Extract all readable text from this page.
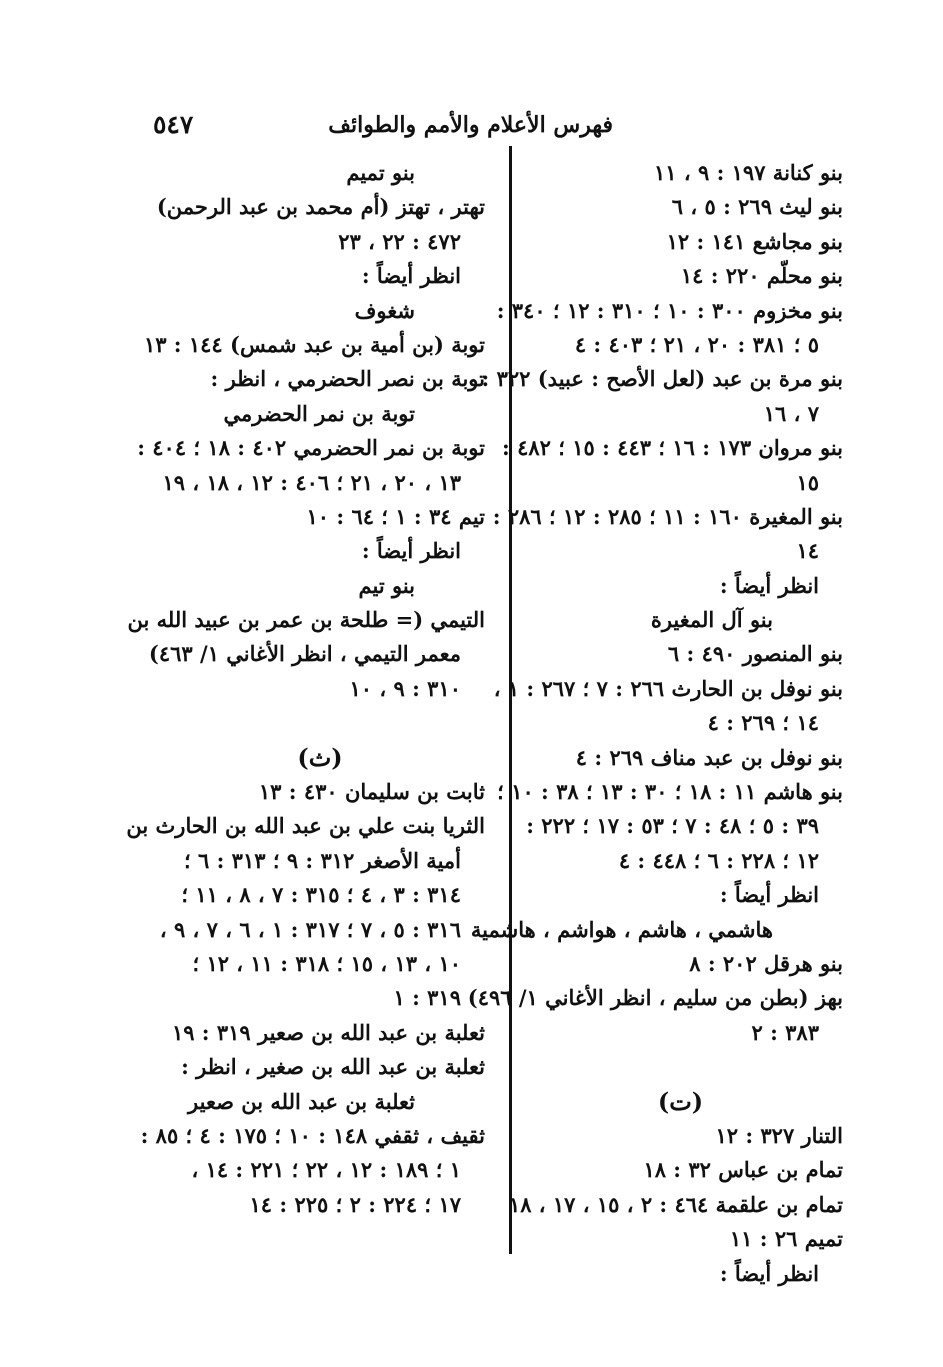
٥٤٧	فهرس الأعلام والأمم والطوائف
بنو كنانة ١٩٧ : ٩ ، ١١
بنو ليث ٢٦٩ : ٥ ، ٦
بنو مجاشع ١٤١ : ١٢
بنو محلّم ٢٢٠ : ١٤
بنو مخزوم ٣٠٠ : ١٠ ؛ ٣١٠ : ١٢ ؛ ٣٤٠ :
٥ ؛ ٣٨١ : ٢٠ ، ٢١ ؛ ٤٠٣ : ٤
بنو مرة بن عبد (لعل الأصح : عبيد) ٣٢٢ :
٧ ، ١٦
بنو مروان ١٧٣ : ١٦ ؛ ٤٤٣ : ١٥ ؛ ٤٨٢ :
١٥
بنو المغيرة ١٦٠ : ١١ ؛ ٢٨٥ : ١٢ ؛ ٢٨٦ :
١٤
انظر أيضاً :
بنو آل المغيرة
بنو المنصور ٤٩٠ : ٦
بنو نوفل بن الحارث ٢٦٦ : ٧ ؛ ٢٦٧ : ١ ،
١٤ ؛ ٢٦٩ : ٤
بنو نوفل بن عبد مناف ٢٦٩ : ٤
بنو هاشم ١١ : ١٨ ؛ ٣٠ : ١٣ ؛ ٣٨ : ١٠ ؛
٣٩ : ٥ ؛ ٤٨ : ٧ ؛ ٥٣ : ١٧ ؛ ٢٢٢ :
١٢ ؛ ٢٢٨ : ٦ ؛ ٤٤٨ : ٤
انظر أيضاً :
هاشمي ، هاشم ، هواشم ، هاشمية
بنو هرقل ٢٠٢ : ٨
بهز (بطن من سليم ، انظر الأغاني ١/ ٤٩٦)
٣٨٣ : ٢
(ت)
التنار ٣٢٧ : ١٢
تمام بن عباس ٣٢ : ١٨
تمام بن علقمة ٤٦٤ : ٢ ، ١٥ ، ١٧ ، ١٨
تميم ٢٦ : ١١
انظر أيضاً :
بنو تميم
تهتر ، تهتز (أم محمد بن عبد الرحمن)
٤٧٢ : ٢٢ ، ٢٣
انظر أيضاً :
شغوف
توبة (بن أمية بن عبد شمس) ١٤٤ : ١٣
توبة بن نصر الحضرمي ، انظر :
توبة بن نمر الحضرمي
توبة بن نمر الحضرمي ٤٠٢ : ١٨ ؛ ٤٠٤ :
١٣ ، ٢٠ ، ٢١ ؛ ٤٠٦ : ١٢ ، ١٨ ، ١٩
تيم ٣٤ : ١ ؛ ٦٤ : ١٠
انظر أيضاً :
بنو تيم
التيمي (= طلحة بن عمر بن عبيد الله بن
معمر التيمي ، انظر الأغاني ١/ ٤٦٣)
٣١٠ : ٩ ، ١٠
(ث)
ثابت بن سليمان ٤٣٠ : ١٣
الثريا بنت علي بن عبد الله بن الحارث بن
أمية الأصغر ٣١٢ : ٩ ؛ ٣١٣ : ٦ ؛
٣١٤ : ٣ ، ٤ ؛ ٣١٥ : ٧ ، ٨ ، ١١ ؛
٣١٦ : ٥ ، ٧ ؛ ٣١٧ : ١ ، ٦ ، ٧ ، ٩ ،
١٠ ، ١٣ ، ١٥ ؛ ٣١٨ : ١١ ، ١٢ ؛
٣١٩ : ١
ثعلبة بن عبد الله بن صعير ٣١٩ : ١٩
ثعلبة بن عبد الله بن صغير ، انظر :
ثعلبة بن عبد الله بن صعير
ثقيف ، ثقفي ١٤٨ : ١٠ ؛ ١٧٥ : ٤ ؛ ٨٥ :
١ ؛ ١٨٩ : ١٢ ، ٢٢ ؛ ٢٢١ : ١٤ ،
١٧ ؛ ٢٢٤ : ٢ ؛ ٢٢٥ : ١٤
